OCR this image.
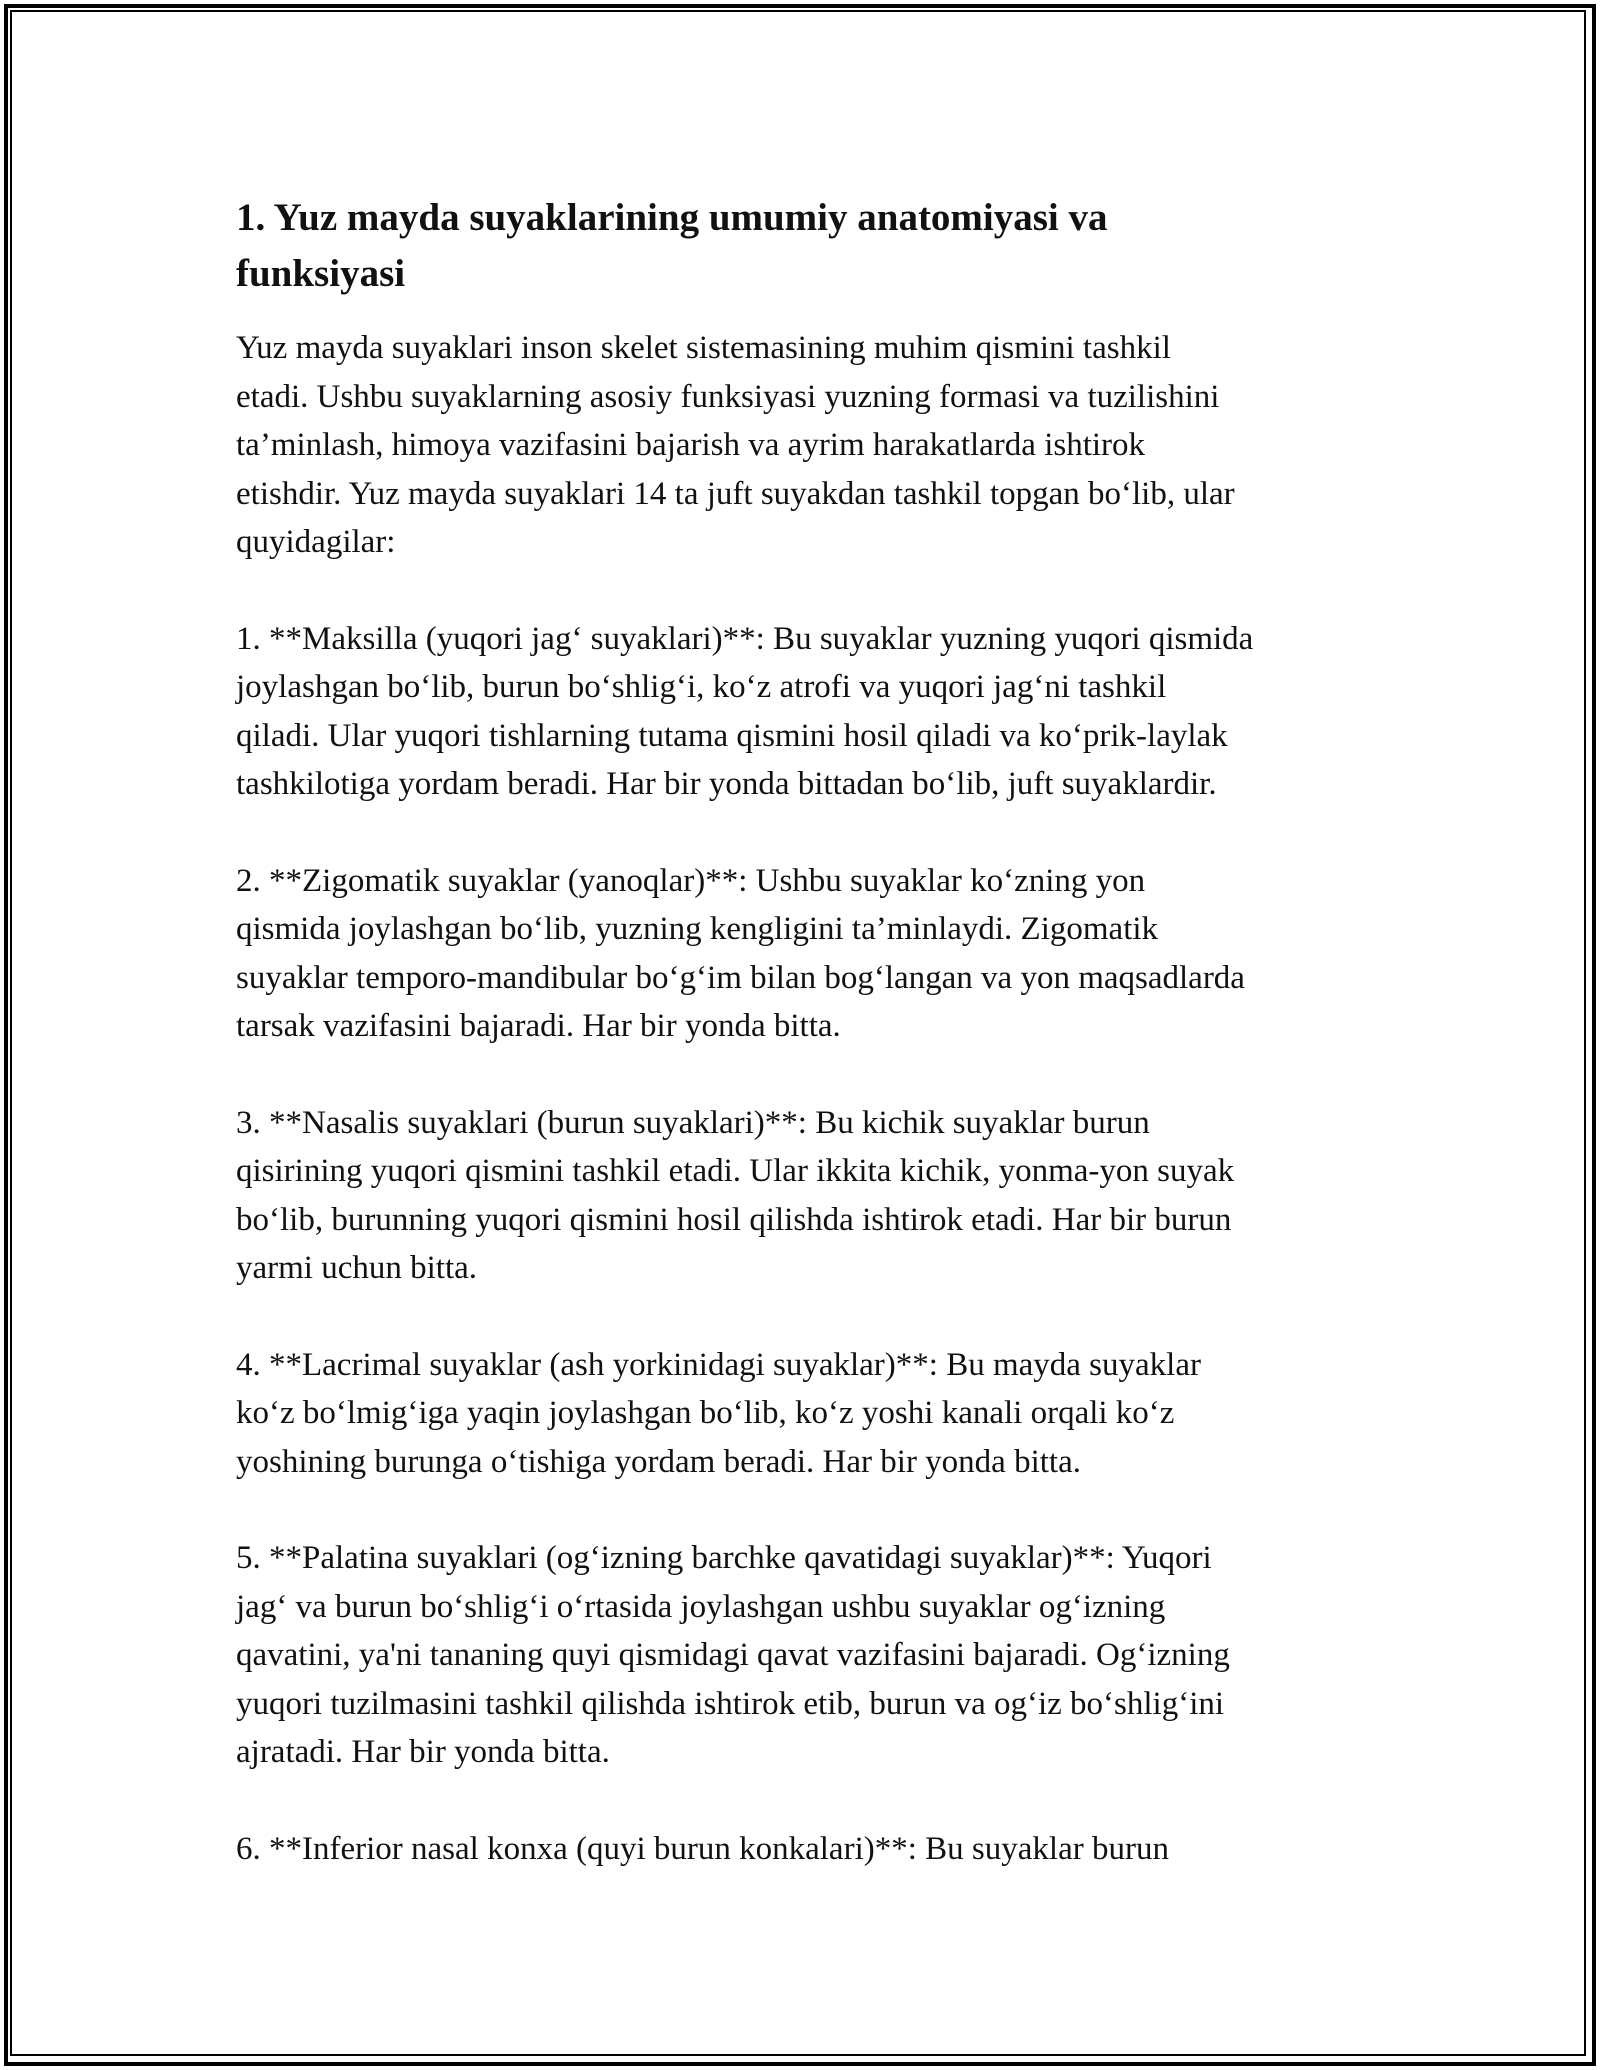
1. Yuz mayda suyaklarining umumiy anatomiyasi va
funksiyasi

Yuz mayda suyaklari inson skelet sistemasining muhim qismini tashkil
etadi. Ushbu suyaklarning asosiy funksiyasi yuzning formasi va tuzilishini
ta’minlash, himoya vazifasini bajarish va ayrim harakatlarda ishtirok
etishdir. Yuz mayda suyaklari 14 ta juft suyakdan tashkil topgan bo‘lib, ular
quyidagilar:

1. **Maksilla (yuqori jag‘ suyaklari)**: Bu suyaklar yuzning yuqori qismida
joylashgan bo‘lib, burun bo‘shlig‘i, ko‘z atrofi va yuqori jag‘ni tashkil
qiladi. Ular yuqori tishlarning tutama qismini hosil qiladi va ko‘prik-laylak
tashkilotiga yordam beradi. Har bir yonda bittadan bo‘lib, juft suyaklardir.

2. **Zigomatik suyaklar (yanoqlar)**: Ushbu suyaklar ko‘zning yon
qismida joylashgan bo‘lib, yuzning kengligini ta’minlaydi. Zigomatik
suyaklar temporo-mandibular bo‘g‘im bilan bog‘langan va yon maqsadlarda
tarsak vazifasini bajaradi. Har bir yonda bitta.

3. **Nasalis suyaklari (burun suyaklari)**: Bu kichik suyaklar burun
qisirining yuqori qismini tashkil etadi. Ular ikkita kichik, yonma-yon suyak
bo‘lib, burunning yuqori qismini hosil qilishda ishtirok etadi. Har bir burun
yarmi uchun bitta.

4. **Lacrimal suyaklar (ash yorkinidagi suyaklar)**: Bu mayda suyaklar
ko‘z bo‘lmig‘iga yaqin joylashgan bo‘lib, ko‘z yoshi kanali orqali ko‘z
yoshining burunga o‘tishiga yordam beradi. Har bir yonda bitta.

5. **Palatina suyaklari (og‘izning barchke qavatidagi suyaklar)**: Yuqori
jag‘ va burun bo‘shlig‘i o‘rtasida joylashgan ushbu suyaklar og‘izning
qavatini, ya'ni tananing quyi qismidagi qavat vazifasini bajaradi. Og‘izning
yuqori tuzilmasini tashkil qilishda ishtirok etib, burun va og‘iz bo‘shlig‘ini
ajratadi. Har bir yonda bitta.

6. **Inferior nasal konxa (quyi burun konkalari)**: Bu suyaklar burun
